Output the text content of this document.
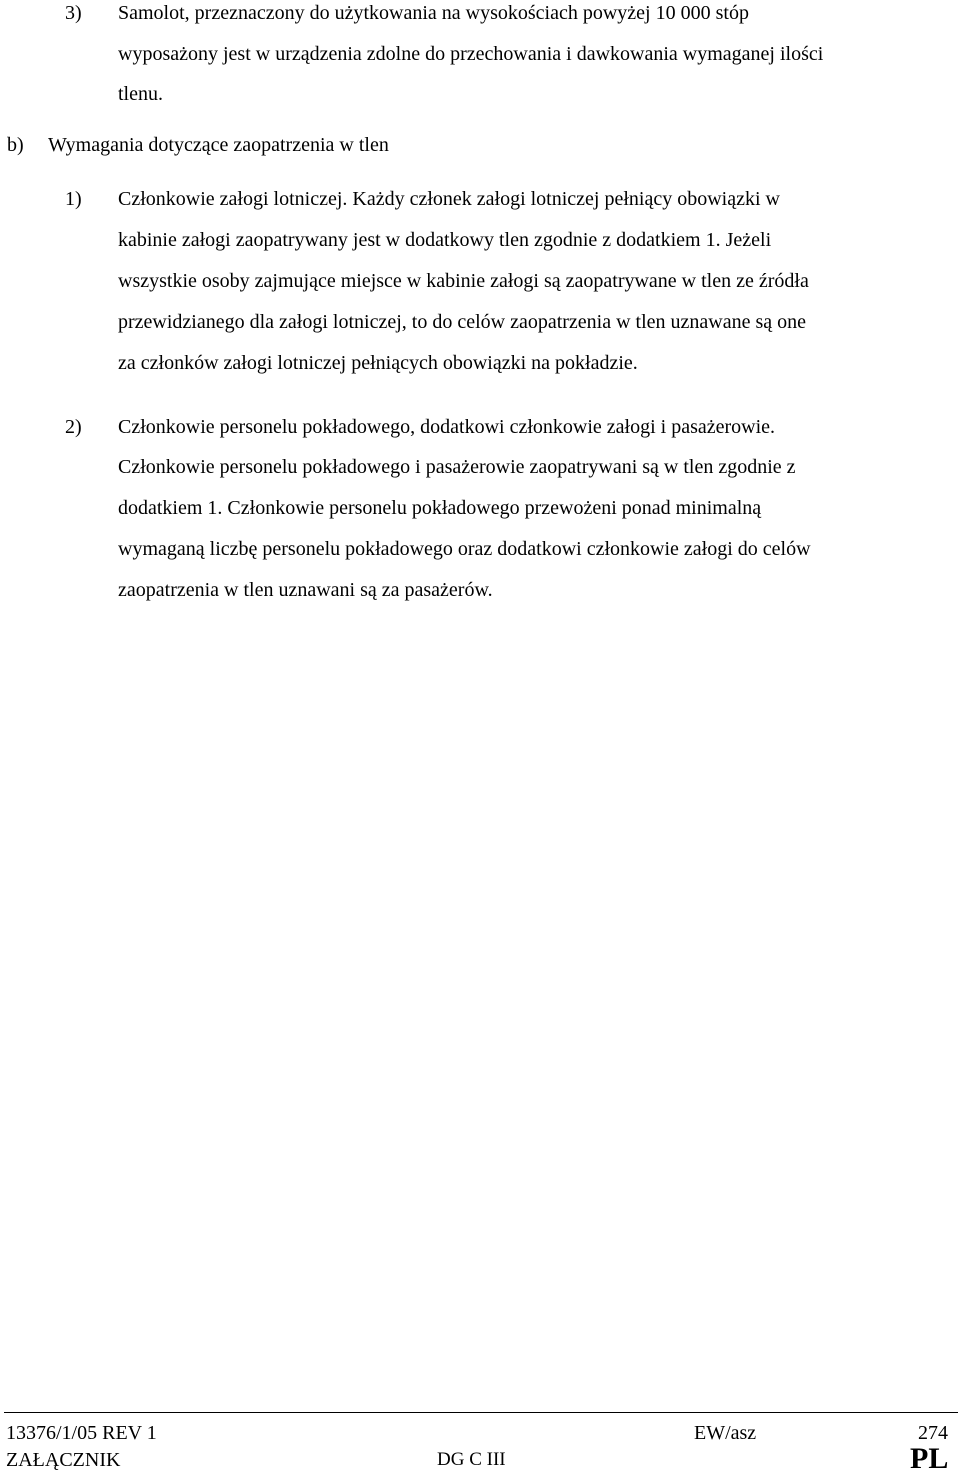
3) Samolot, przeznaczony do użytkowania na wysokościach powyżej 10 000 stóp
wyposażony jest w urządzenia zdolne do przechowania i dawkowania wymaganej ilości
tlenu.
b) Wymagania dotyczące zaopatrzenia w tlen
1) Członkowie załogi lotniczej. Każdy członek załogi lotniczej pełniący obowiązki w
kabinie załogi zaopatrywany jest w dodatkowy tlen zgodnie z dodatkiem 1. Jeżeli
wszystkie osoby zajmujące miejsce w kabinie załogi są zaopatrywane w tlen ze źródła
przewidzianego dla załogi lotniczej, to do celów zaopatrzenia w tlen uznawane są one
za członków załogi lotniczej pełniących obowiązki na pokładzie.
2) Członkowie personelu pokładowego, dodatkowi członkowie załogi i pasażerowie.
Członkowie personelu pokładowego i pasażerowie zaopatrywani są w tlen zgodnie z
dodatkiem 1. Członkowie personelu pokładowego przewożeni ponad minimalną
wymaganą liczbę personelu pokładowego oraz dodatkowi członkowie załogi do celów
zaopatrzenia w tlen uznawani są za pasażerów.
13376/1/05 REV 1	EW/asz	274
ZAŁĄCZNIK	DG C III	PL
